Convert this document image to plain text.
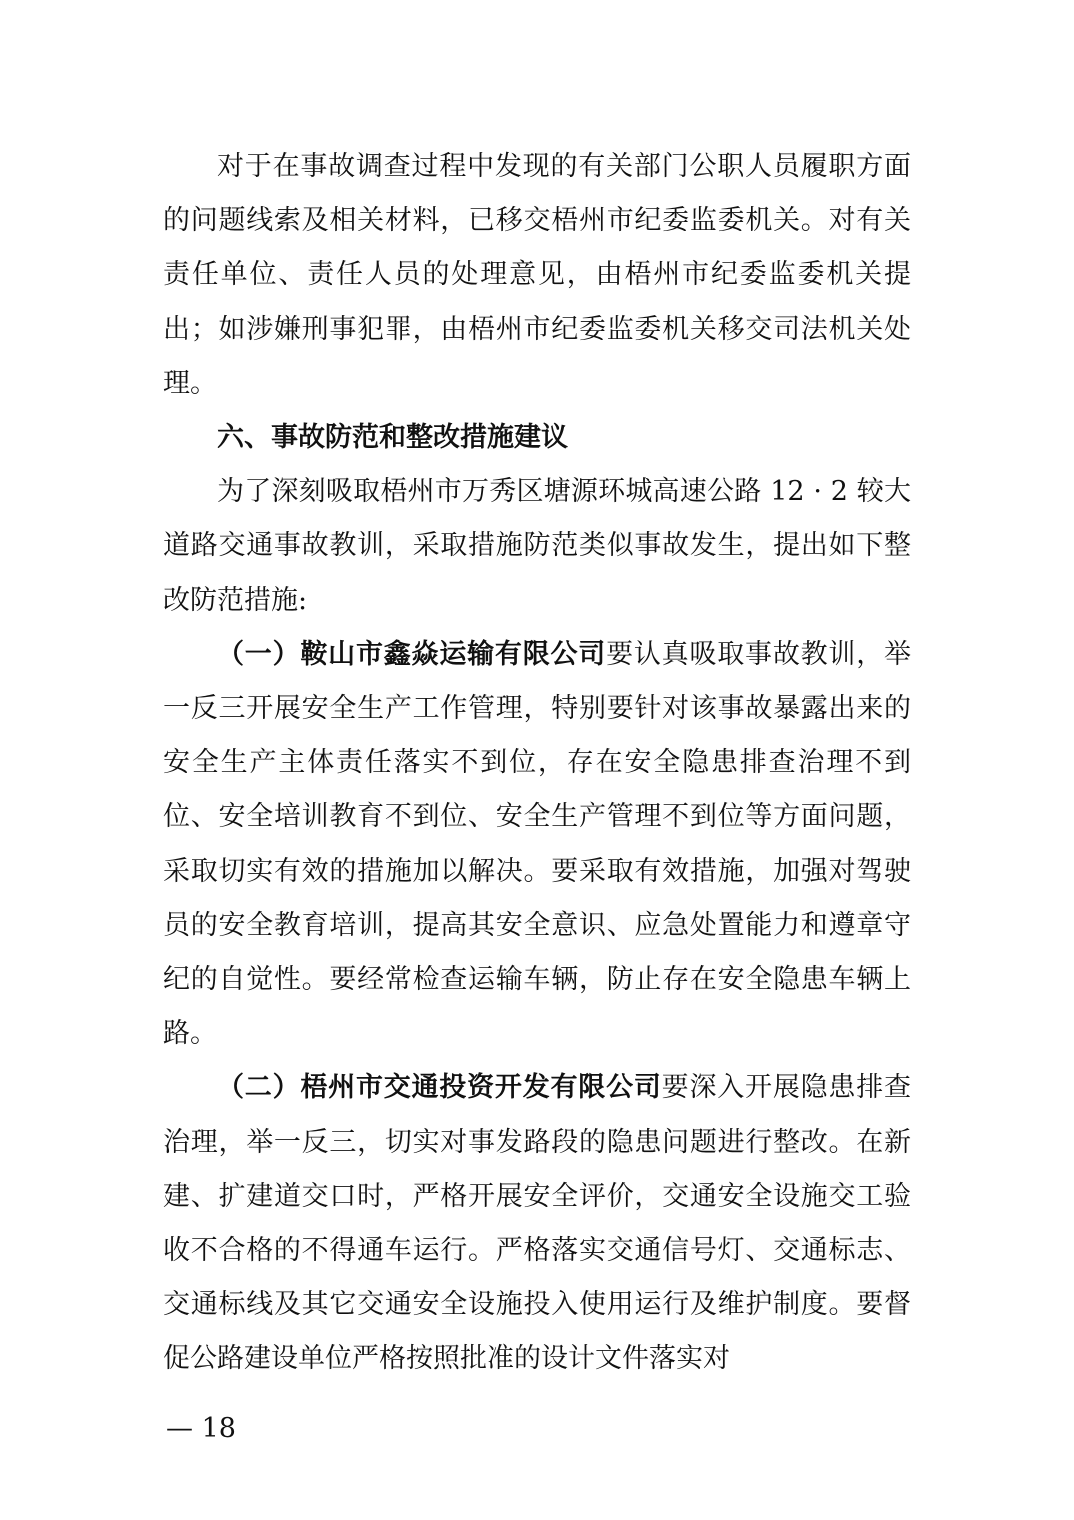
对于在事故调查过程中发现的有关部门公职人员履职方面的问题线索及相关材料，已移交梧州市纪委监委机关。对有关责任单位、责任人员的处理意见，由梧州市纪委监委机关提出；如涉嫌刑事犯罪，由梧州市纪委监委机关移交司法机关处理。

六、事故防范和整改措施建议

为了深刻吸取梧州市万秀区塘源环城高速公路 12 · 2 较大道路交通事故教训，采取措施防范类似事故发生，提出如下整改防范措施:

（一）鞍山市鑫焱运输有限公司要认真吸取事故教训，举一反三开展安全生产工作管理，特别要针对该事故暴露出来的安全生产主体责任落实不到位，存在安全隐患排查治理不到位、安全培训教育不到位、安全生产管理不到位等方面问题，采取切实有效的措施加以解决。要采取有效措施，加强对驾驶员的安全教育培训，提高其安全意识、应急处置能力和遵章守纪的自觉性。要经常检查运输车辆，防止存在安全隐患车辆上路。

（二）梧州市交通投资开发有限公司要深入开展隐患排查治理，举一反三，切实对事发路段的隐患问题进行整改。在新建、扩建道交口时，严格开展安全评价，交通安全设施交工验收不合格的不得通车运行。严格落实交通信号灯、交通标志、交通标线及其它交通安全设施投入使用运行及维护制度。要督促公路建设单位严格按照批准的设计文件落实对

— 18
